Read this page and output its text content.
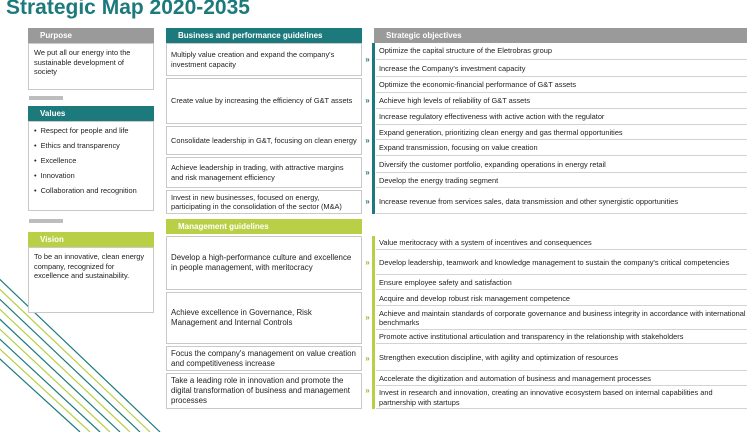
Strategic Map 2020-2035
Purpose
We put all our energy into the sustainable development of society
Values
• Respect for people and life
• Ethics and transparency
• Excellence
• Innovation
• Collaboration and recognition
Vision
To be an innovative, clean energy company, recognized for excellence and sustainability.
Business and performance guidelines	Strategic objectives
Multiply value creation and expand the company's investment capacity
Create value by increasing the efficiency of G&T assets
Consolidate leadership in G&T, focusing on clean energy
Achieve leadership in trading, with attractive margins and risk management efficiency
Invest in new businesses, focused on energy, participating in the consolidation of the sector (M&A)
»
»
»
»
»
Optimize the capital structure of the Eletrobras group
Increase the Company's investment capacity
Optimize the economic-financial performance of G&T assets
Achieve high levels of reliability of G&T assets
Increase regulatory effectiveness with active action with the regulator
Expand generation, prioritizing clean energy and gas thermal opportunities
Expand transmission, focusing on value creation
Diversify the customer portfolio, expanding operations in energy retail
Develop the energy trading segment
Increase revenue from services sales, data transmission and other synergistic opportunities
Management guidelines
Develop a high-performance culture and excellence in people management, with meritocracy
Achieve excellence in Governance, Risk Management and Internal Controls
Focus the company's management on value creation and competitiveness increase
Take a leading role in innovation and promote the digital transformation of business and management processes
»
»
»
»
Value meritocracy with a system of incentives and consequences
Develop leadership, teamwork and knowledge management to sustain the company's critical competencies
Ensure employee safety and satisfaction
Acquire and develop robust risk management competence
Achieve and maintain standards of corporate governance and business integrity in accordance with international benchmarks
Promote active institutional articulation and transparency in the relationship with stakeholders
Strengthen execution discipline, with agility and optimization of resources
Accelerate the digitization and automation of business and management processes
Invest in research and innovation, creating an innovative ecosystem based on internal capabilities and partnership with startups
